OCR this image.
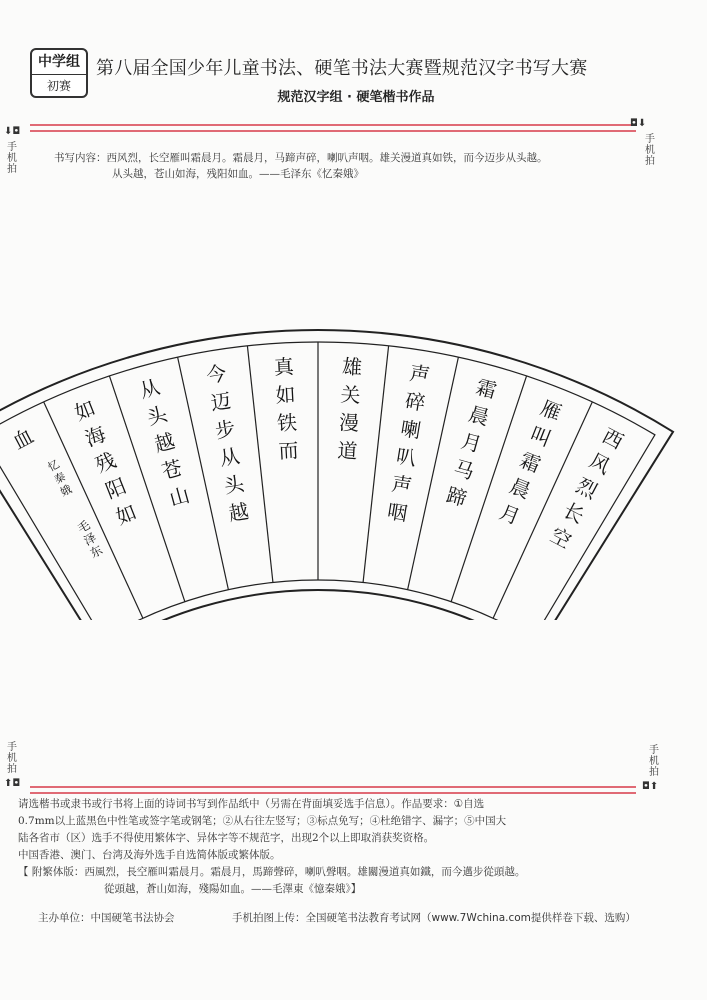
中学组
初赛
第八届全国少年儿童书法、硬笔书法大赛暨规范汉字书写大赛
规范汉字组 · 硬笔楷书作品
⬇◘
手机拍
◘⬇
手机拍
书写内容：西风烈，长空雁叫霜晨月。霜晨月，马蹄声碎，喇叭声咽。雄关漫道真如铁，而今迈步从头越。
从头越，苍山如海，残阳如血。——毛泽东《忆秦娥》
西
风
烈
长
空
雁
叫
霜
晨
月
霜
晨
月
马
蹄
声
碎
喇
叭
声
咽
雄
关
漫
道
真
如
铁
而
今
迈
步
从
头
越
从
头
越
苍
山
如
海
残
阳
如
血
忆
秦
娥
毛
泽
东
手机拍
⬆◘
手机拍
◘⬆
请选楷书或隶书或行书将上面的诗词书写到作品纸中（另需在背面填妥选手信息）。作品要求：①自选
0.7mm以上蓝黑色中性笔或签字笔或钢笔；②从右往左竖写；③标点免写；④杜绝错字、漏字；⑤中国大
陆各省市（区）选手不得使用繁体字、异体字等不规范字，出现2个以上即取消获奖资格。
中国香港、澳门、台湾及海外选手自选简体版或繁体版。
【 附繁体版：西風烈，長空雁叫霜晨月。霜晨月，馬蹄聲碎，喇叭聲咽。雄關漫道真如鐵，而今邁步從頭越。
從頭越，蒼山如海，殘陽如血。——毛澤東《憶秦娥》】
主办单位：中国硬笔书法协会	手机拍图上传：全国硬笔书法教育考试网（www.7Wchina.com提供样卷下载、选购）
